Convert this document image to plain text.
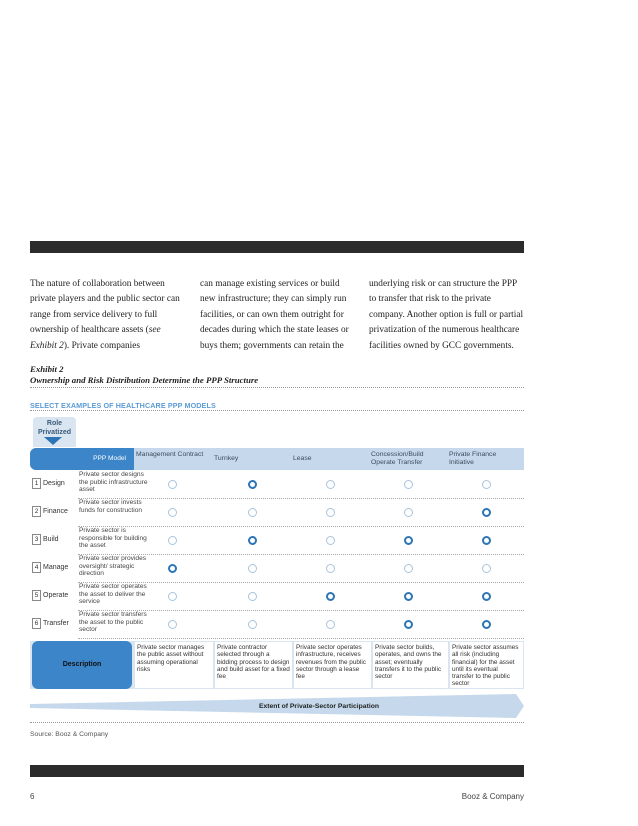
The nature of collaboration between private players and the public sector can range from service delivery to full ownership of healthcare assets (see Exhibit 2). Private companies

can manage existing services or build new infrastructure; they can simply run facilities, or can own them outright for decades during which the state leases or buys them; governments can retain the

underlying risk or can structure the PPP to transfer that risk to the private company. Another option is full or partial privatization of the numerous healthcare facilities owned by GCC governments.

Exhibit 2
Ownership and Risk Distribution Determine the PPP Structure
SELECT EXAMPLES OF HEALTHCARE PPP MODELS
Role Privatized
PPP Model
Management Contract
Turnkey	Lease
Concession/Build Operate Transfer
Private Finance Initiative
1 Design
Private sector designs the public infrastructure asset
2 Finance
Private sector invests funds for construction
3 Build
Private sector is responsible for building the asset
4 Manage
Private sector provides oversight/ strategic direction
5 Operate
Private sector operates the asset to deliver the service
6 Transfer
Private sector transfers the asset to the public sector
Description
Private sector manages the public asset without assuming operational risks
Private contractor selected through a bidding process to design and build asset for a fixed fee
Private sector operates infrastructure, receives revenues from the public sector through a lease fee
Private sector builds, operates, and owns the asset; eventually transfers it to the public sector
Private sector assumes all risk (including financial) for the asset until its eventual transfer to the public sector
Extent of Private-Sector Participation
Source: Booz & Company
6	Booz & Company
